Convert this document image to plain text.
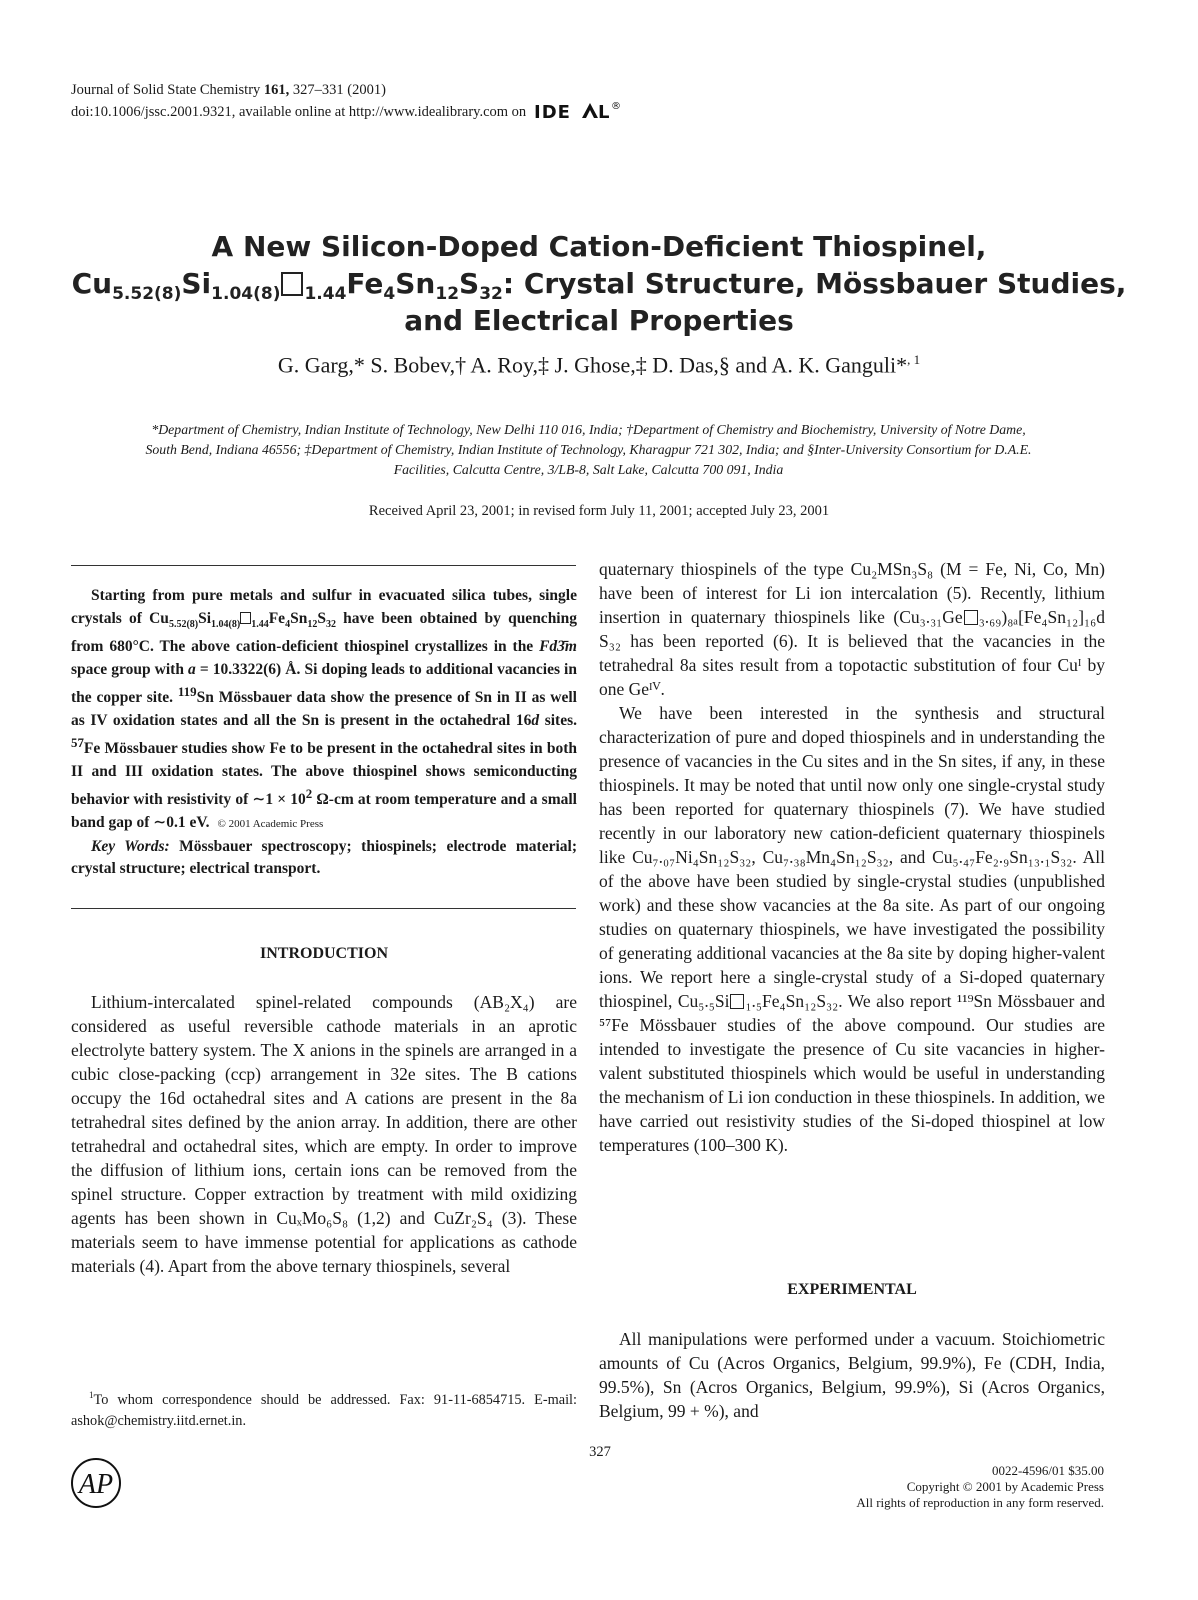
Journal of Solid State Chemistry 161, 327–331 (2001)
doi:10.1006/jssc.2001.9321, available online at http://www.idealibrary.com on IDE L ®
A New Silicon-Doped Cation-Deficient Thiospinel,
$Cu_{5.52(8)}Si_{1.04(8)}$ $_{1.44}Fe_4Sn_{12}S_{32}$: Crystal Structure, Mössbauer Studies,
and Electrical Properties
G. Garg,* S. Bobev,† A. Roy,‡ J. Ghose,‡ D. Das,§ and A. K. Ganguli*$^{, 1}$
*Department of Chemistry, Indian Institute of Technology, New Delhi 110 016, India; †Department of Chemistry and Biochemistry, University of Notre Dame,
South Bend, Indiana 46556; ‡Department of Chemistry, Indian Institute of Technology, Kharagpur 721 302, India; and §Inter-University Consortium for D.A.E.
Facilities, Calcutta Centre, 3/LB-8, Salt Lake, Calcutta 700 091, India
Received April 23, 2001; in revised form July 11, 2001; accepted July 23, 2001

Starting from pure metals and sulfur in evacuated silica tubes, single crystals of $Cu_{5.52(8)}Si_{1.04(8)}$ $_{1.44}Fe_4Sn_{12}S_{32}$ have been obtained by quenching from 680°C. The above cation-deficient thiospinel crystallizes in the Fd3̄m space group with a = 10.3322(6) Å. Si doping leads to additional vacancies in the copper site. $^{119}$Sn Mössbauer data show the presence of Sn in II as well as IV oxidation states and all the Sn is present in the octahedral 16d sites. $^{57}$Fe Mössbauer studies show Fe to be present in the octahedral sites in both II and III oxidation states. The above thiospinel shows semiconducting behavior with resistivity of ∼1 × $10^2$ Ω-cm at room temperature and a small band gap of ∼0.1 eV. © 2001 Academic Press

Key Words: Mössbauer spectroscopy; thiospinels; electrode material; crystal structure; electrical transport.

INTRODUCTION

Lithium-intercalated spinel-related compounds (AB₂X₄) are considered as useful reversible cathode materials in an aprotic electrolyte battery system. The X anions in the spinels are arranged in a cubic close-packing (ccp) arrangement in 32e sites. The B cations occupy the 16d octahedral sites and A cations are present in the 8a tetrahedral sites defined by the anion array. In addition, there are other tetrahedral and octahedral sites, which are empty. In order to improve the diffusion of lithium ions, certain ions can be removed from the spinel structure. Copper extraction by treatment with mild oxidizing agents has been shown in CuₓMo₆S₈ (1,2) and CuZr₂S₄ (3). These materials seem to have immense potential for applications as cathode materials (4). Apart from the above ternary thiospinels, several

quaternary thiospinels of the type Cu₂MSn₃S₈ (M = Fe, Ni, Co, Mn) have been of interest for Li ion intercalation (5). Recently, lithium insertion in quaternary thiospinels like (Cu₃.₃₁Ge ₃.₆₉)₈ₐ[Fe₄Sn₁₂]₁₆d S₃₂ has been reported (6). It is believed that the vacancies in the tetrahedral 8a sites result from a topotactic substitution of four Cuᴵ by one Geᴵⱽ.

We have been interested in the synthesis and structural characterization of pure and doped thiospinels and in understanding the presence of vacancies in the Cu sites and in the Sn sites, if any, in these thiospinels. It may be noted that until now only one single-crystal study has been reported for quaternary thiospinels (7). We have studied recently in our laboratory new cation-deficient quaternary thiospinels like Cu₇.₀₇Ni₄Sn₁₂S₃₂, Cu₇.₃₈Mn₄Sn₁₂S₃₂, and Cu₅.₄₇Fe₂.₉Sn₁₃.₁S₃₂. All of the above have been studied by single-crystal studies (unpublished work) and these show vacancies at the 8a site. As part of our ongoing studies on quaternary thiospinels, we have investigated the possibility of generating additional vacancies at the 8a site by doping higher-valent ions. We report here a single-crystal study of a Si-doped quaternary thiospinel, Cu₅.₅Si ₁.₅Fe₄Sn₁₂S₃₂. We also report ¹¹⁹Sn Mössbauer and ⁵⁷Fe Mössbauer studies of the above compound. Our studies are intended to investigate the presence of Cu site vacancies in higher-valent substituted thiospinels which would be useful in understanding the mechanism of Li ion conduction in these thiospinels. In addition, we have carried out resistivity studies of the Si-doped thiospinel at low temperatures (100–300 K).

EXPERIMENTAL

All manipulations were performed under a vacuum. Stoichiometric amounts of Cu (Acros Organics, Belgium, 99.9%), Fe (CDH, India, 99.5%), Sn (Acros Organics, Belgium, 99.9%), Si (Acros Organics, Belgium, 99 + %), and

$^1$To whom correspondence should be addressed. Fax: 91-11-6854715. E-mail: ashok@chemistry.iitd.ernet.in.
327
AP	0022-4596/01 $35.00
Copyright © 2001 by Academic Press
All rights of reproduction in any form reserved.
